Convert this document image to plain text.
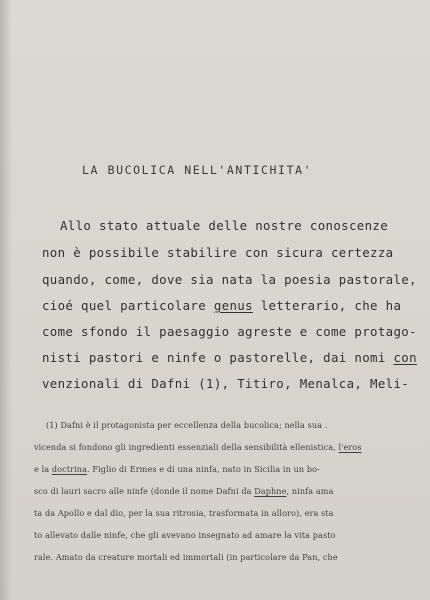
LA BUCOLICA NELL'ANTICHITA'
Allo stato attuale delle nostre conoscenze
non è possibile stabilire con sicura certezza
quando, come, dove sia nata la poesia pastorale,
cioé quel particolare genus letterario, che ha
come sfondo il paesaggio agreste e come protago-
nisti pastori e ninfe o pastorelle, dai nomi con
venzionali di Dafni (1), Titiro, Menalca, Meli-
(1) Dafni è il protagonista per eccellenza della bucolica; nella sua .
vicenda si fondono gli ingredienti essenziali della sensibilità ellenistica, l'eros
e la doctrina. Figlio di Ermes e di una ninfa, nato in Sicilia in un bo-
sco di lauri sacro alle ninfe (donde il nome Dafni da Daphne, ninfa ama
ta da Apollo e dal dio, per la sua ritrosia, trasformata in alloro), era sta
to allevato dalle ninfe, che gli avevano insegnato ad amare la vita pasto
rale. Amato da creature mortali ed immortali (in particolare da Pan, che
